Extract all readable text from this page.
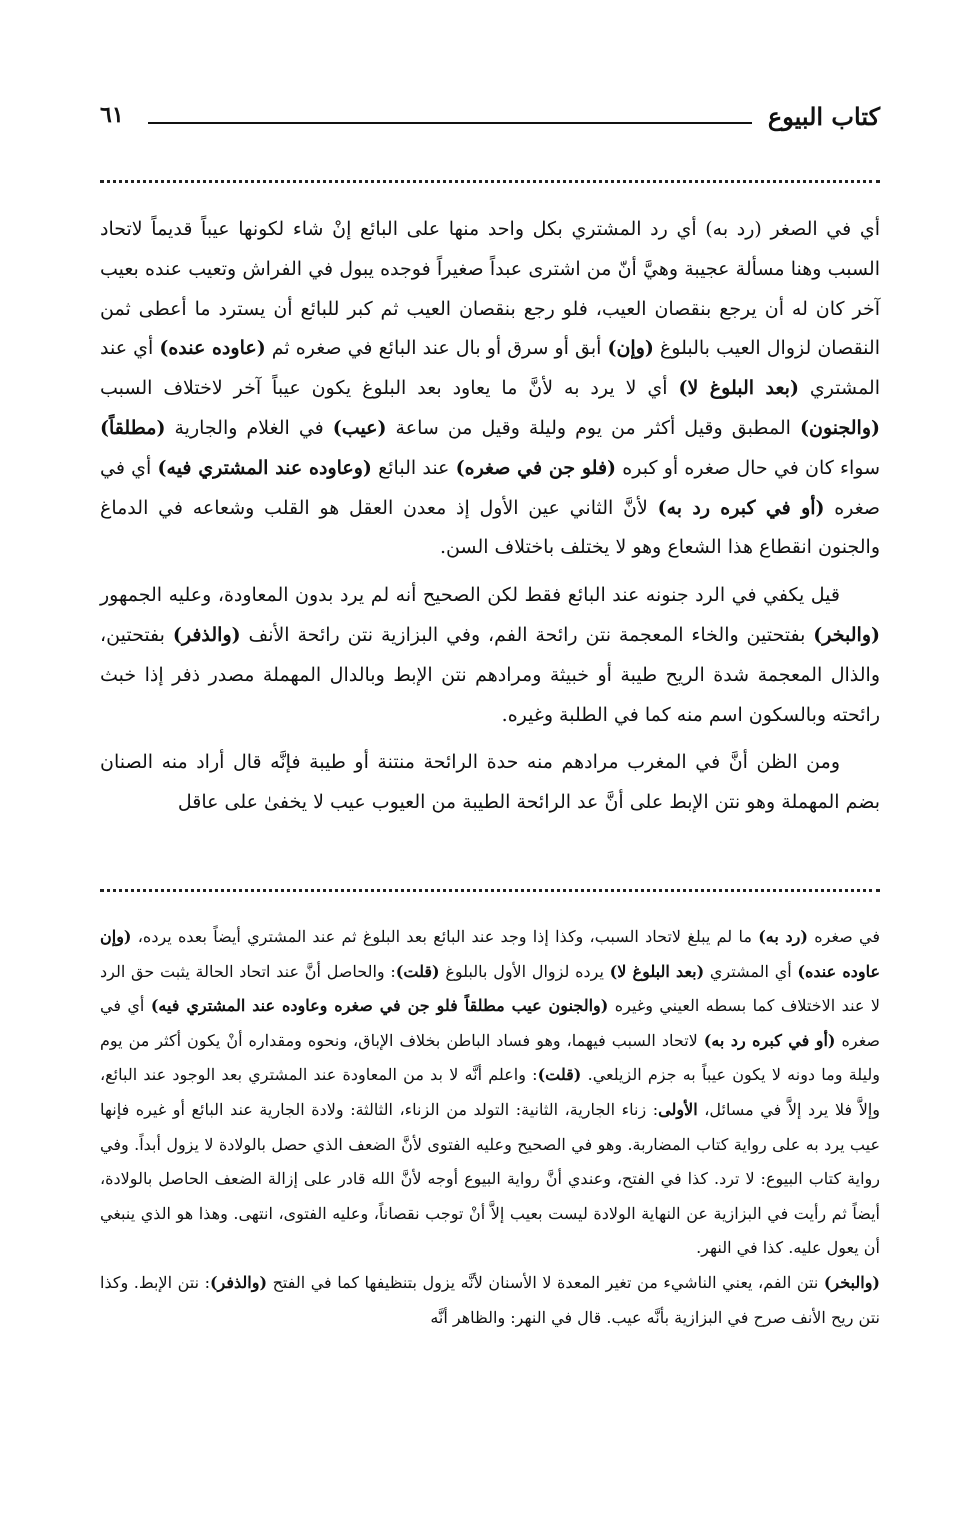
كتاب البيوع
٦١

أي في الصغر (رد به) أي رد المشتري بكل واحد منها على البائع إنْ شاء لكونها عيباً قديماً لاتحاد السبب وهنا مسألة عجيبة وهيَّ أنّ من اشترى عبداً صغيراً فوجده يبول في الفراش وتعيب عنده بعيب آخر كان له أن يرجع بنقصان العيب، فلو رجع بنقصان العيب ثم كبر للبائع أن يسترد ما أعطى ثمن النقصان لزوال العيب بالبلوغ (وإن) أبق أو سرق أو بال عند البائع في صغره ثم (عاوده عنده) أي عند المشتري (بعد البلوغ لا) أي لا يرد به لأنَّ ما يعاود بعد البلوغ يكون عيباً آخر لاختلاف السبب (والجنون) المطبق وقيل أكثر من يوم وليلة وقيل من ساعة (عيب) في الغلام والجارية (مطلقاً) سواء كان في حال صغره أو كبره (فلو جن في صغره) عند البائع (وعاوده عند المشتري فيه) أي في صغره (أو في كبره رد به) لأنَّ الثاني عين الأول إذ معدن العقل هو القلب وشعاعه في الدماغ والجنون انقطاع هذا الشعاع وهو لا يختلف باختلاف السن.

قيل يكفي في الرد جنونه عند البائع فقط لكن الصحيح أنه لم يرد بدون المعاودة، وعليه الجمهور (والبخر) بفتحتين والخاء المعجمة نتن رائحة الفم، وفي البزازية نتن رائحة الأنف (والذفر) بفتحتين، والذال المعجمة شدة الريح طيبة أو خبيثة ومرادهم نتن الإبط وبالدال المهملة مصدر ذفر إذا خبث رائحته وبالسكون اسم منه كما في الطلبة وغيره.

ومن الظن أنَّ في المغرب مرادهم منه حدة الرائحة منتنة أو طيبة فإنَّه قال أراد منه الصنان بضم المهملة وهو نتن الإبط على أنَّ عد الرائحة الطيبة من العيوب عيب لا يخفىٰ على عاقل

في صغره (رد به) ما لم يبلغ لاتحاد السبب، وكذا إذا وجد عند البائع بعد البلوغ ثم عند المشتري أيضاً بعده يرده، (وإن عاوده عنده) أي المشتري (بعد البلوغ لا) يرده لزوال الأول بالبلوغ (قلت): والحاصل أنَّ عند اتحاد الحالة يثبت حق الرد لا عند الاختلاف كما بسطه العيني وغيره (والجنون عيب مطلقاً فلو جن في صغره وعاوده عند المشتري فيه) أي في صغره (أو في كبره رد به) لاتحاد السبب فيهما، وهو فساد الباطن بخلاف الإباق، ونحوه ومقداره أنْ يكون أكثر من يوم وليلة وما دونه لا يكون عيباً به جزم الزيلعي. (قلت): واعلم أنَّه لا بد من المعاودة عند المشتري بعد الوجود عند البائع، وإلاَّ فلا يرد إلاَّ في مسائل، الأولى: زناء الجارية، الثانية: التولد من الزناء، الثالثة: ولادة الجارية عند البائع أو غيره فإنها عيب يرد به على رواية كتاب المضاربة. وهو في الصحيح وعليه الفتوى لأنَّ الضعف الذي حصل بالولادة لا يزول أبداً. وفي رواية كتاب البيوع: لا ترد. كذا في الفتح، وعندي أنَّ رواية البيوع أوجه لأنَّ الله قادر على إزالة الضعف الحاصل بالولادة، أيضاً ثم رأيت في البزازية عن النهاية الولادة ليست بعيب إلاَّ أنْ توجب نقصاناً، وعليه الفتوى، انتهى. وهذا هو الذي ينبغي أن يعول عليه. كذا في النهر.

(والبخر) نتن الفم، يعني الناشيء من تغير المعدة لا الأسنان لأنَّه يزول بتنظيفها كما في الفتح (والذفر): نتن الإبط. وكذا نتن ريح الأنف صرح في البزازية بأنَّه عيب. قال في النهر: والظاهر أنَّه
